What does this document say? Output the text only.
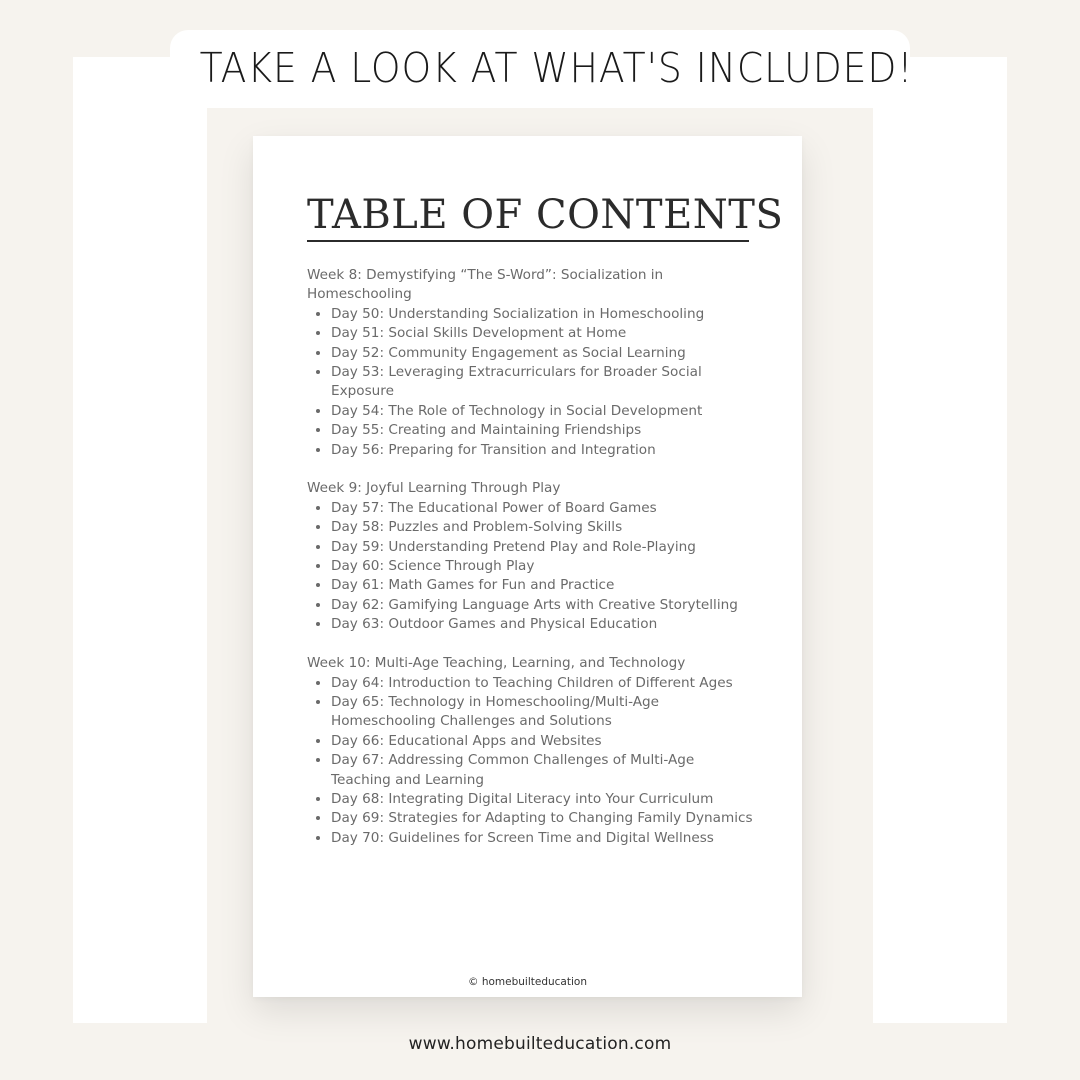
TAKE A LOOK AT WHAT'S INCLUDED!
TABLE OF CONTENTS

Week 8: Demystifying “The S-Word”: Socialization in Homeschooling

• Day 50: Understanding Socialization in Homeschooling
• Day 51: Social Skills Development at Home
• Day 52: Community Engagement as Social Learning
• Day 53: Leveraging Extracurriculars for Broader Social Exposure
• Day 54: The Role of Technology in Social Development
• Day 55: Creating and Maintaining Friendships
• Day 56: Preparing for Transition and Integration

Week 9: Joyful Learning Through Play

• Day 57: The Educational Power of Board Games
• Day 58: Puzzles and Problem-Solving Skills
• Day 59: Understanding Pretend Play and Role-Playing
• Day 60: Science Through Play
• Day 61: Math Games for Fun and Practice
• Day 62: Gamifying Language Arts with Creative Storytelling
• Day 63: Outdoor Games and Physical Education

Week 10: Multi-Age Teaching, Learning, and Technology

• Day 64: Introduction to Teaching Children of Different Ages
• Day 65: Technology in Homeschooling/Multi-Age Homeschooling Challenges and Solutions
• Day 66: Educational Apps and Websites
• Day 67: Addressing Common Challenges of Multi-Age Teaching and Learning
• Day 68: Integrating Digital Literacy into Your Curriculum
• Day 69: Strategies for Adapting to Changing Family Dynamics
• Day 70: Guidelines for Screen Time and Digital Wellness
© homebuilteducation
www.homebuilteducation.com
